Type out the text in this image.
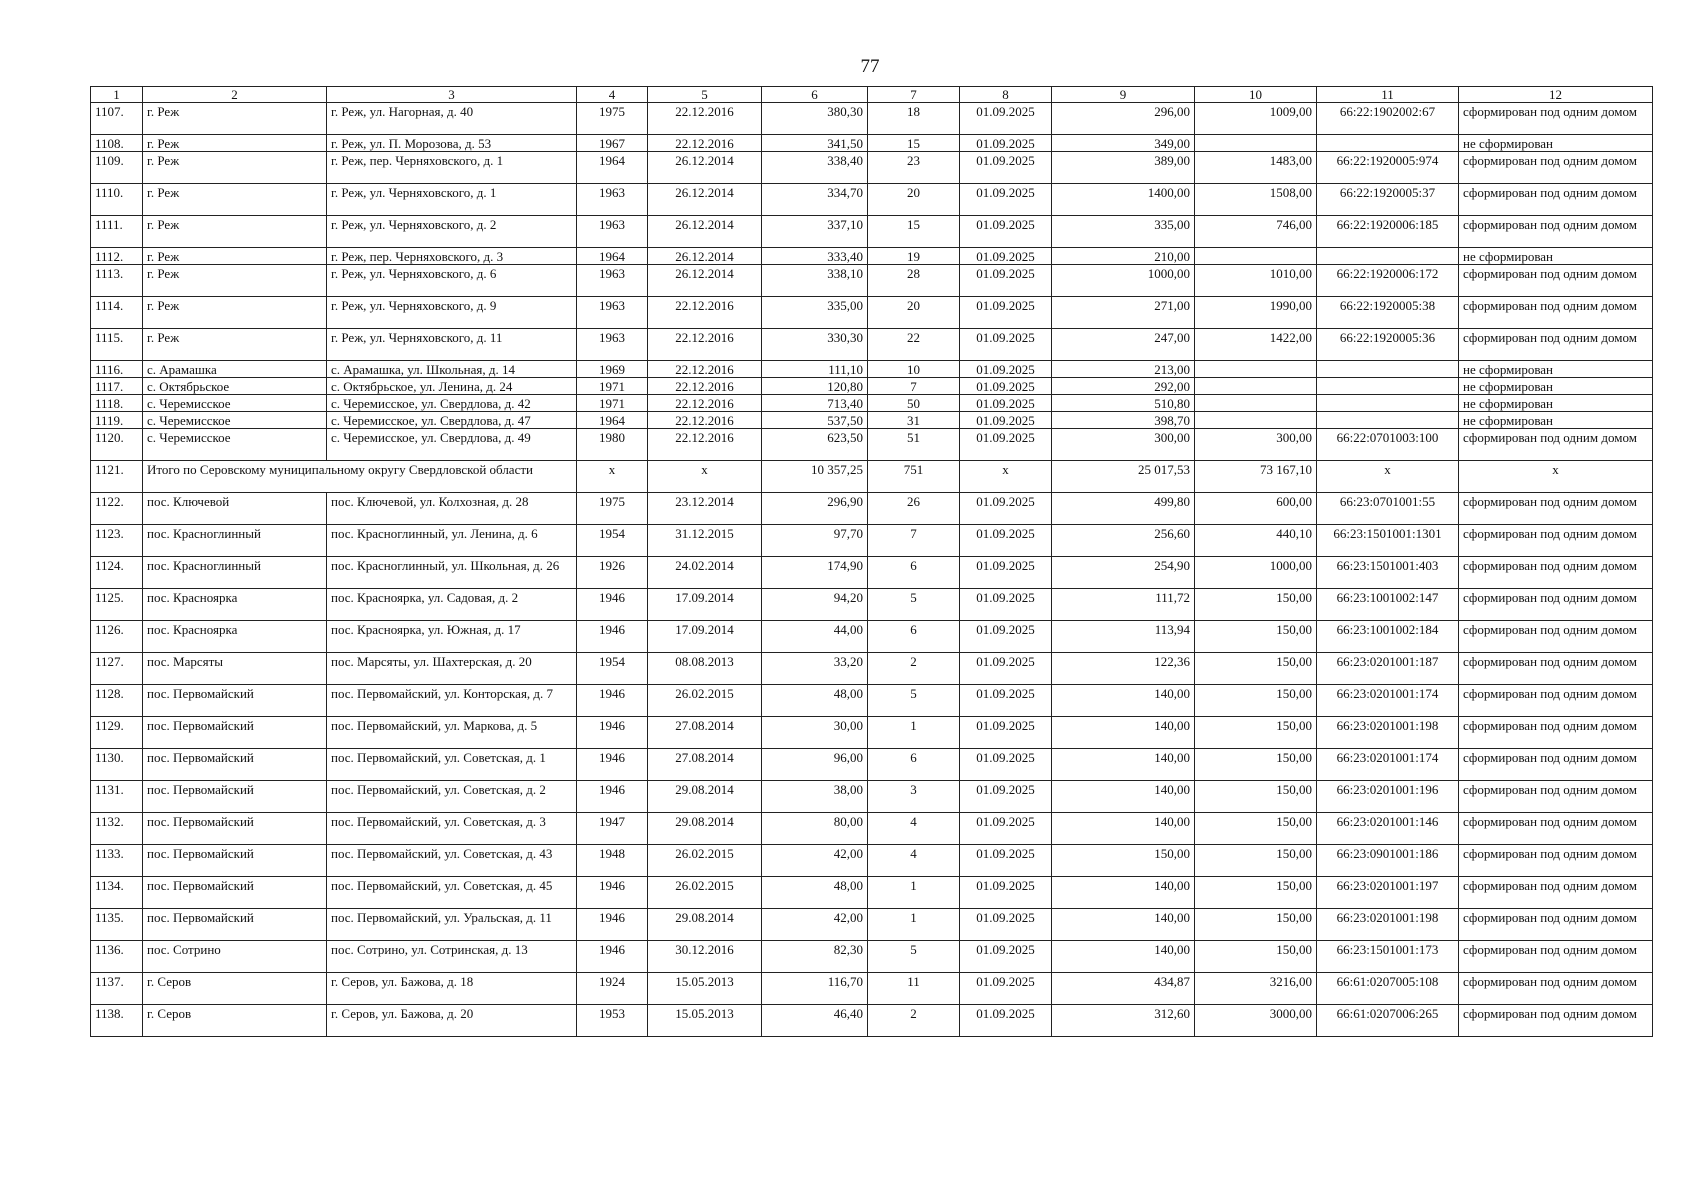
77
1	2	3	4	5	6	7	8	9	10	11	12
1107.	г. Реж	г. Реж, ул. Нагорная, д. 40	1975	22.12.2016	380,30	18	01.09.2025	296,00	1009,00	66:22:1902002:67	сформирован под одним домом
1108.	г. Реж	г. Реж, ул. П. Морозова, д. 53	1967	22.12.2016	341,50	15	01.09.2025	349,00			не сформирован
1109.	г. Реж	г. Реж, пер. Черняховского, д. 1	1964	26.12.2014	338,40	23	01.09.2025	389,00	1483,00	66:22:1920005:974	сформирован под одним домом
1110.	г. Реж	г. Реж, ул. Черняховского, д. 1	1963	26.12.2014	334,70	20	01.09.2025	1400,00	1508,00	66:22:1920005:37	сформирован под одним домом
1111.	г. Реж	г. Реж, ул. Черняховского, д. 2	1963	26.12.2014	337,10	15	01.09.2025	335,00	746,00	66:22:1920006:185	сформирован под одним домом
1112.	г. Реж	г. Реж, пер. Черняховского, д. 3	1964	26.12.2014	333,40	19	01.09.2025	210,00			не сформирован
1113.	г. Реж	г. Реж, ул. Черняховского, д. 6	1963	26.12.2014	338,10	28	01.09.2025	1000,00	1010,00	66:22:1920006:172	сформирован под одним домом
1114.	г. Реж	г. Реж, ул. Черняховского, д. 9	1963	22.12.2016	335,00	20	01.09.2025	271,00	1990,00	66:22:1920005:38	сформирован под одним домом
1115.	г. Реж	г. Реж, ул. Черняховского, д. 11	1963	22.12.2016	330,30	22	01.09.2025	247,00	1422,00	66:22:1920005:36	сформирован под одним домом
1116.	с. Арамашка	с. Арамашка, ул. Школьная, д. 14	1969	22.12.2016	111,10	10	01.09.2025	213,00			не сформирован
1117.	с. Октябрьское	с. Октябрьское, ул. Ленина, д. 24	1971	22.12.2016	120,80	7	01.09.2025	292,00			не сформирован
1118.	с. Черемисское	с. Черемисское, ул. Свердлова, д. 42	1971	22.12.2016	713,40	50	01.09.2025	510,80			не сформирован
1119.	с. Черемисское	с. Черемисское, ул. Свердлова, д. 47	1964	22.12.2016	537,50	31	01.09.2025	398,70			не сформирован
1120.	с. Черемисское	с. Черемисское, ул. Свердлова, д. 49	1980	22.12.2016	623,50	51	01.09.2025	300,00	300,00	66:22:0701003:100	сформирован под одним домом
1121.	Итого по Серовскому муниципальному округу Свердловской области		x	x	10 357,25	751	x	25 017,53	73 167,10	x	x
1122.	пос. Ключевой	пос. Ключевой, ул. Колхозная, д. 28	1975	23.12.2014	296,90	26	01.09.2025	499,80	600,00	66:23:0701001:55	сформирован под одним домом
1123.	пос. Красноглинный	пос. Красноглинный, ул. Ленина, д. 6	1954	31.12.2015	97,70	7	01.09.2025	256,60	440,10	66:23:1501001:1301	сформирован под одним домом
1124.	пос. Красноглинный	пос. Красноглинный, ул. Школьная, д. 26	1926	24.02.2014	174,90	6	01.09.2025	254,90	1000,00	66:23:1501001:403	сформирован под одним домом
1125.	пос. Красноярка	пос. Красноярка, ул. Садовая, д. 2	1946	17.09.2014	94,20	5	01.09.2025	111,72	150,00	66:23:1001002:147	сформирован под одним домом
1126.	пос. Красноярка	пос. Красноярка, ул. Южная, д. 17	1946	17.09.2014	44,00	6	01.09.2025	113,94	150,00	66:23:1001002:184	сформирован под одним домом
1127.	пос. Марсяты	пос. Марсяты, ул. Шахтерская, д. 20	1954	08.08.2013	33,20	2	01.09.2025	122,36	150,00	66:23:0201001:187	сформирован под одним домом
1128.	пос. Первомайский	пос. Первомайский, ул. Конторская, д. 7	1946	26.02.2015	48,00	5	01.09.2025	140,00	150,00	66:23:0201001:174	сформирован под одним домом
1129.	пос. Первомайский	пос. Первомайский, ул. Маркова, д. 5	1946	27.08.2014	30,00	1	01.09.2025	140,00	150,00	66:23:0201001:198	сформирован под одним домом
1130.	пос. Первомайский	пос. Первомайский, ул. Советская, д. 1	1946	27.08.2014	96,00	6	01.09.2025	140,00	150,00	66:23:0201001:174	сформирован под одним домом
1131.	пос. Первомайский	пос. Первомайский, ул. Советская, д. 2	1946	29.08.2014	38,00	3	01.09.2025	140,00	150,00	66:23:0201001:196	сформирован под одним домом
1132.	пос. Первомайский	пос. Первомайский, ул. Советская, д. 3	1947	29.08.2014	80,00	4	01.09.2025	140,00	150,00	66:23:0201001:146	сформирован под одним домом
1133.	пос. Первомайский	пос. Первомайский, ул. Советская, д. 43	1948	26.02.2015	42,00	4	01.09.2025	150,00	150,00	66:23:0901001:186	сформирован под одним домом
1134.	пос. Первомайский	пос. Первомайский, ул. Советская, д. 45	1946	26.02.2015	48,00	1	01.09.2025	140,00	150,00	66:23:0201001:197	сформирован под одним домом
1135.	пос. Первомайский	пос. Первомайский, ул. Уральская, д. 11	1946	29.08.2014	42,00	1	01.09.2025	140,00	150,00	66:23:0201001:198	сформирован под одним домом
1136.	пос. Сотрино	пос. Сотрино, ул. Сотринская, д. 13	1946	30.12.2016	82,30	5	01.09.2025	140,00	150,00	66:23:1501001:173	сформирован под одним домом
1137.	г. Серов	г. Серов, ул. Бажова, д. 18	1924	15.05.2013	116,70	11	01.09.2025	434,87	3216,00	66:61:0207005:108	сформирован под одним домом
1138.	г. Серов	г. Серов, ул. Бажова, д. 20	1953	15.05.2013	46,40	2	01.09.2025	312,60	3000,00	66:61:0207006:265	сформирован под одним домом
